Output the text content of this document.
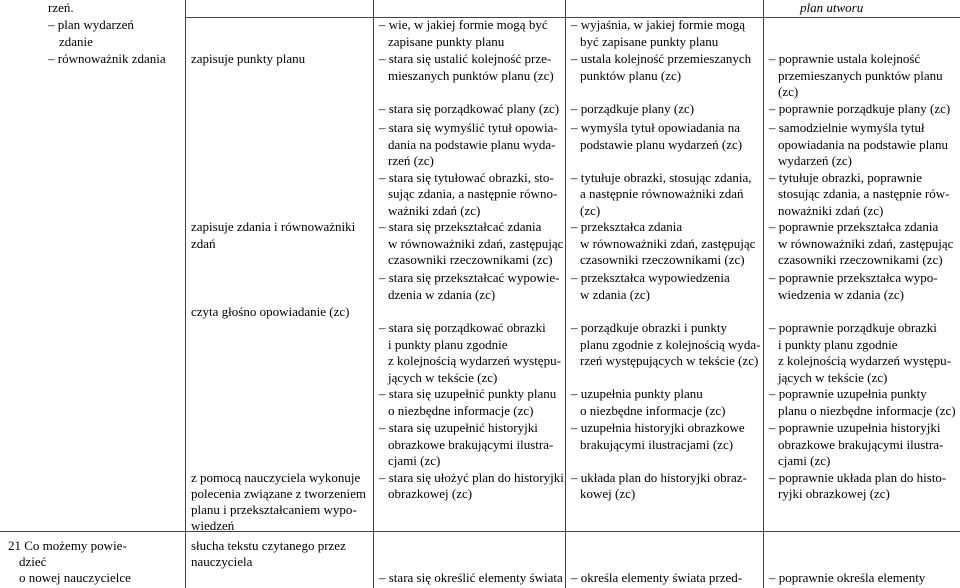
rzeń.
– plan wydarzeń
zdanie
– równoważnik zdania
21 Co możemy powie-
dzieć
o nowej nauczycielce
zapisuje punkty planu
zapisuje zdania i równoważniki
zdań
czyta głośno opowiadanie (zc)
z pomocą nauczyciela wykonuje
polecenia związane z tworzeniem
planu i przekształcaniem wypo-
wiedzeń
słucha tekstu czytanego przez
nauczyciela
– wie, w jakiej formie mogą być
zapisane punkty planu
– stara się ustalić kolejność prze-
mieszanych punktów planu (zc)
– stara się porządkować plany (zc)
– stara się wymyślić tytuł opowia-
dania na podstawie planu wyda-
rzeń (zc)
– stara się tytułować obrazki, sto-
sując zdania, a następnie równo-
ważniki zdań (zc)
– stara się przekształcać zdania
w równoważniki zdań, zastępując
czasowniki rzeczownikami (zc)
– stara się przekształcać wypowie-
dzenia w zdania (zc)
– stara się porządkować obrazki
i punkty planu zgodnie
z kolejnością wydarzeń występu-
jących w tekście (zc)
– stara się uzupełnić punkty planu
o niezbędne informacje (zc)
– stara się uzupełnić historyjki
obrazkowe brakującymi ilustra-
cjami (zc)
– stara się ułożyć plan do historyjki
obrazkowej (zc)
– stara się określić elementy świata
– wyjaśnia, w jakiej formie mogą
być zapisane punkty planu
– ustala kolejność przemieszanych
punktów planu (zc)
– porządkuje plany (zc)
– wymyśla tytuł opowiadania na
podstawie planu wydarzeń (zc)
– tytułuje obrazki, stosując zdania,
a następnie równoważniki zdań
(zc)
– przekształca zdania
w równoważniki zdań, zastępując
czasowniki rzeczownikami (zc)
– przekształca wypowiedzenia
w zdania (zc)
– porządkuje obrazki i punkty
planu zgodnie z kolejnością wyda-
rzeń występujących w tekście (zc)
– uzupełnia punkty planu
o niezbędne informacje (zc)
– uzupełnia historyjki obrazkowe
brakującymi ilustracjami (zc)
– układa plan do historyjki obraz-
kowej (zc)
– określa elementy świata przed-
plan utworu
– poprawnie ustala kolejność
przemieszanych punktów planu
(zc)
– poprawnie porządkuje plany (zc)
– samodzielnie wymyśla tytuł
opowiadania na podstawie planu
wydarzeń (zc)
– tytułuje obrazki, poprawnie
stosując zdania, a następnie rów-
noważniki zdań (zc)
– poprawnie przekształca zdania
w równoważniki zdań, zastępując
czasowniki rzeczownikami (zc)
– poprawnie przekształca wypo-
wiedzenia w zdania (zc)
– poprawnie porządkuje obrazki
i punkty planu zgodnie
z kolejnością wydarzeń występu-
jących w tekście (zc)
– poprawnie uzupełnia punkty
planu o niezbędne informacje (zc)
– poprawnie uzupełnia historyjki
obrazkowe brakującymi ilustra-
cjami (zc)
– poprawnie układa plan do histo-
ryjki obrazkowej (zc)
– poprawnie określa elementy
